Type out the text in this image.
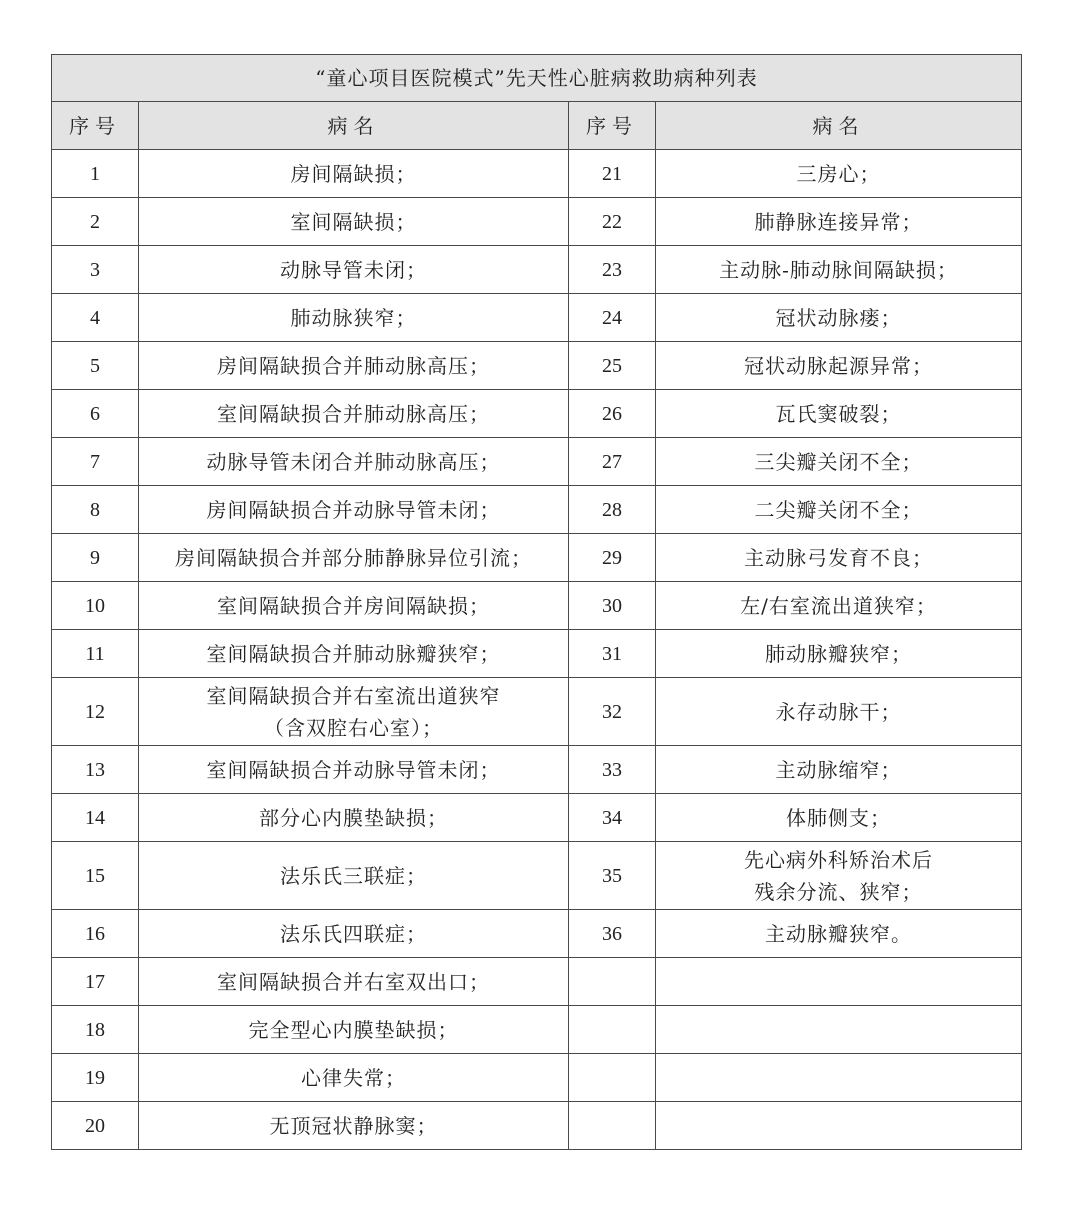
“童心项目医院模式”先天性心脏病救助病种列表			
序号	病名	序号	病名
1	房间隔缺损；	21	三房心；
2	室间隔缺损；	22	肺静脉连接异常；
3	动脉导管未闭；	23	主动脉-肺动脉间隔缺损；
4	肺动脉狭窄；	24	冠状动脉瘘；
5	房间隔缺损合并肺动脉高压；	25	冠状动脉起源异常；
6	室间隔缺损合并肺动脉高压；	26	瓦氏窦破裂；
7	动脉导管未闭合并肺动脉高压；	27	三尖瓣关闭不全；
8	房间隔缺损合并动脉导管未闭；	28	二尖瓣关闭不全；
9	房间隔缺损合并部分肺静脉异位引流；	29	主动脉弓发育不良；
10	室间隔缺损合并房间隔缺损；	30	左/右室流出道狭窄；
11	室间隔缺损合并肺动脉瓣狭窄；	31	肺动脉瓣狭窄；
12	室间隔缺损合并右室流出道狭窄
（含双腔右心室）；	32	永存动脉干；
13	室间隔缺损合并动脉导管未闭；	33	主动脉缩窄；
14	部分心内膜垫缺损；	34	体肺侧支；
15	法乐氏三联症；	35	先心病外科矫治术后
残余分流、狭窄；
16	法乐氏四联症；	36	主动脉瓣狭窄。
17	室间隔缺损合并右室双出口；		
18	完全型心内膜垫缺损；		
19	心律失常；		
20	无顶冠状静脉窦；		
